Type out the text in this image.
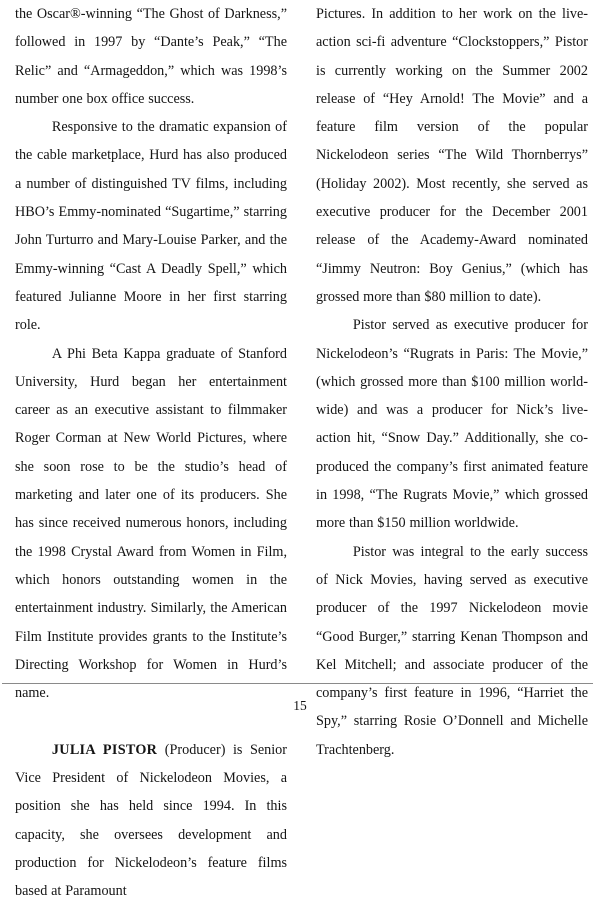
the Oscar®-winning “The Ghost of Darkness,” followed in 1997 by “Dante’s Peak,” “The Relic” and “Armageddon,” which was 1998’s number one box office success.

Responsive to the dramatic expansion of the cable marketplace, Hurd has also produced a number of distinguished TV films, including HBO’s Emmy-nominated “Sugartime,” starring John Turturro and Mary-Louise Parker, and the Emmy-winning “Cast A Deadly Spell,” which featured Julianne Moore in her first starring role.

A Phi Beta Kappa graduate of Stanford University, Hurd began her entertainment career as an executive assistant to filmmaker Roger Corman at New World Pictures, where she soon rose to be the studio’s head of marketing and later one of its producers. She has since received numerous honors, including the 1998 Crystal Award from Women in Film, which honors outstanding women in the entertainment industry. Similarly, the American Film Institute provides grants to the Institute’s Directing Workshop for Women in Hurd’s name.

JULIA PISTOR (Producer) is Senior Vice President of Nickelodeon Movies, a position she has held since 1994. In this capacity, she oversees development and production for Nickelodeon’s feature films based at Paramount

Pictures. In addition to her work on the live-action sci-fi adventure “Clockstoppers,” Pistor is currently working on the Summer 2002 release of “Hey Arnold! The Movie” and a feature film version of the popular Nickelodeon series “The Wild Thornberrys” (Holiday 2002). Most recently, she served as executive producer for the December 2001 release of the Academy-Award nominated “Jimmy Neutron: Boy Genius,” (which has grossed more than $80 million to date).

Pistor served as executive producer for Nickelodeon’s “Rugrats in Paris: The Movie,” (which grossed more than $100 million world-wide) and was a producer for Nick’s live-action hit, “Snow Day.” Additionally, she co-produced the company’s first animated feature in 1998, “The Rugrats Movie,” which grossed more than $150 million worldwide.

Pistor was integral to the early success of Nick Movies, having served as executive producer of the 1997 Nickelodeon movie “Good Burger,” starring Kenan Thompson and Kel Mitchell; and associate producer of the company’s first feature in 1996, “Harriet the Spy,” starring Rosie O’Donnell and Michelle Trachtenberg.

15
